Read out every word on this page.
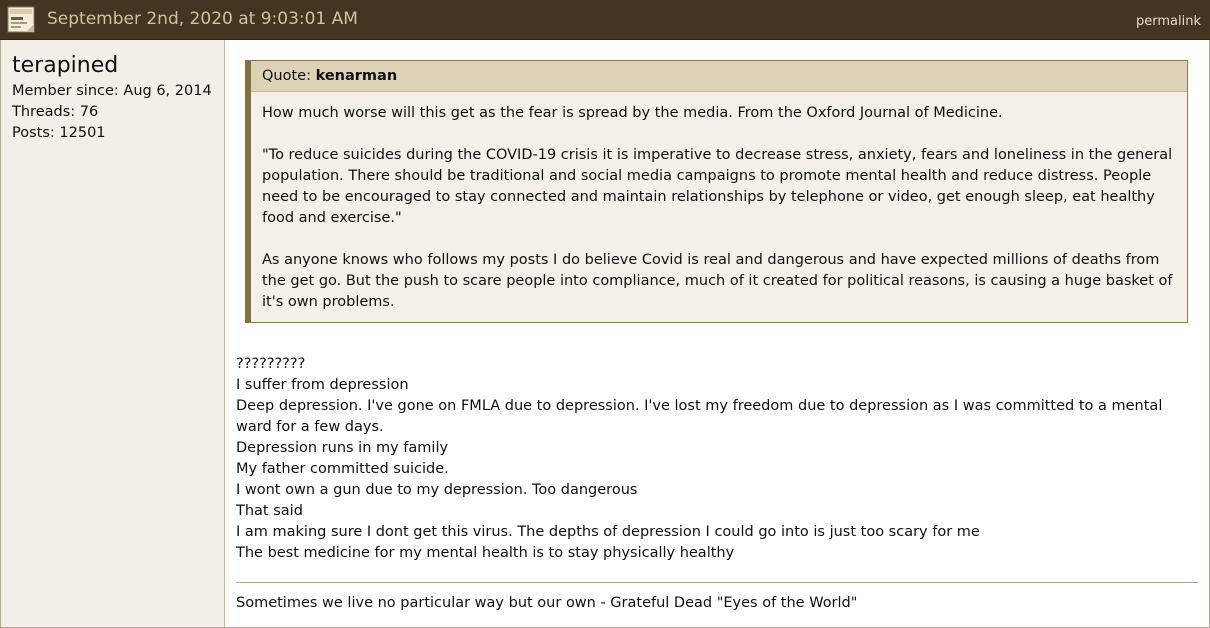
September 2nd, 2020 at 9:03:01 AM	permalink
terapined
Member since: Aug 6, 2014
Threads: 76
Posts: 12501
Quote: kenarman

How much worse will this get as the fear is spread by the media. From the Oxford Journal of Medicine.

"To reduce suicides during the COVID-19 crisis it is imperative to decrease stress, anxiety, fears and loneliness in the general population. There should be traditional and social media campaigns to promote mental health and reduce distress. People need to be encouraged to stay connected and maintain relationships by telephone or video, get enough sleep, eat healthy food and exercise."

As anyone knows who follows my posts I do believe Covid is real and dangerous and have expected millions of deaths from the get go. But the push to scare people into compliance, much of it created for political reasons, is causing a huge basket of it's own problems.

?????????
I suffer from depression
Deep depression. I've gone on FMLA due to depression. I've lost my freedom due to depression as I was committed to a mental ward for a few days.
Depression runs in my family
My father committed suicide.
I wont own a gun due to my depression. Too dangerous
That said
I am making sure I dont get this virus. The depths of depression I could go into is just too scary for me
The best medicine for my mental health is to stay physically healthy
Sometimes we live no particular way but our own - Grateful Dead "Eyes of the World"
